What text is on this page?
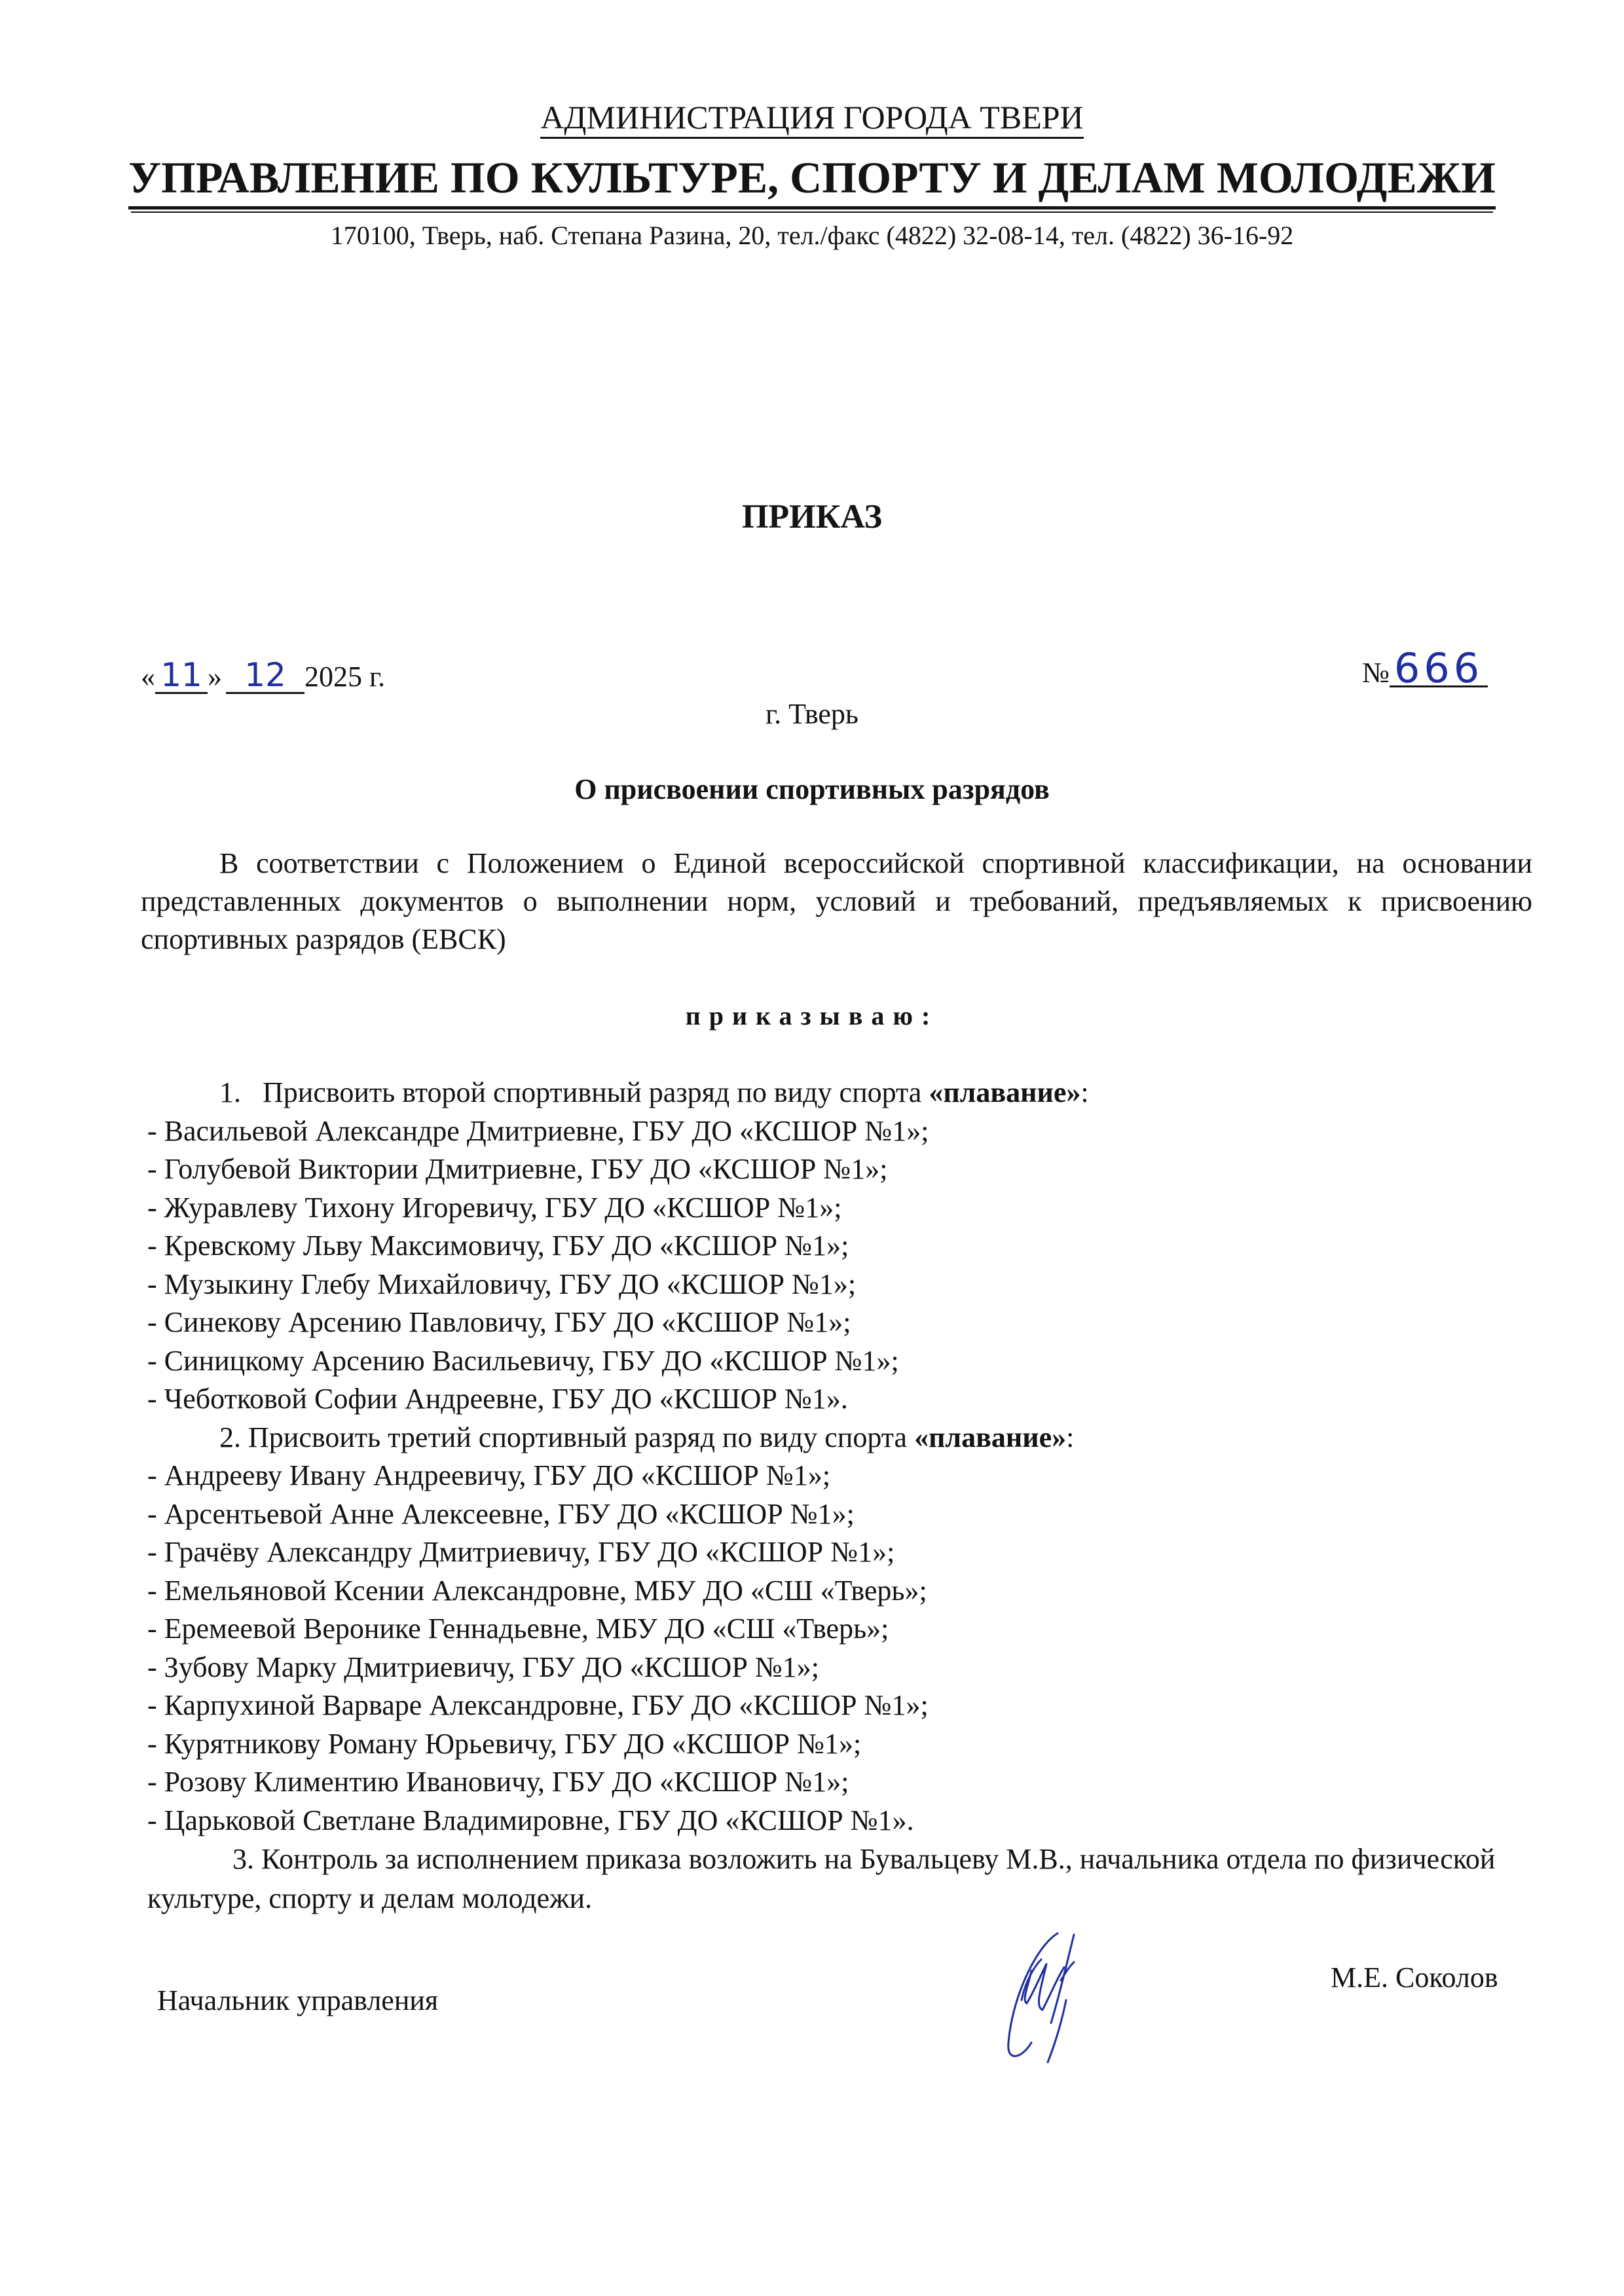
АДМИНИСТРАЦИЯ ГОРОДА ТВЕРИ
УПРАВЛЕНИЕ ПО КУЛЬТУРЕ, СПОРТУ И ДЕЛАМ МОЛОДЕЖИ
170100, Тверь, наб. Степана Разина, 20, тел./факс (4822) 32-08-14, тел. (4822) 36-16-92
ПРИКАЗ
« 11 » 12 2025 г.	№ 666
г. Тверь
О присвоении спортивных разрядов
В соответствии с Положением о Единой всероссийской спортивной классификации, на основании представленных документов о выполнении норм, условий и требований, предъявляемых к присвоению спортивных разрядов (ЕВСК)
приказываю:
1.   Присвоить второй спортивный разряд по виду спорта «плавание»:
- Васильевой Александре Дмитриевне, ГБУ ДО «КСШОР №1»;
- Голубевой Виктории Дмитриевне, ГБУ ДО «КСШОР №1»;
- Журавлеву Тихону Игоревичу, ГБУ ДО «КСШОР №1»;
- Кревскому Льву Максимовичу, ГБУ ДО «КСШОР №1»;
- Музыкину Глебу Михайловичу, ГБУ ДО «КСШОР №1»;
- Синекову Арсению Павловичу, ГБУ ДО «КСШОР №1»;
- Синицкому Арсению Васильевичу, ГБУ ДО «КСШОР №1»;
- Чеботковой Софии Андреевне, ГБУ ДО «КСШОР №1».
2. Присвоить третий спортивный разряд по виду спорта «плавание»:
- Андрееву Ивану Андреевичу, ГБУ ДО «КСШОР №1»;
- Арсентьевой Анне Алексеевне, ГБУ ДО «КСШОР №1»;
- Грачёву Александру Дмитриевичу, ГБУ ДО «КСШОР №1»;
- Емельяновой Ксении Александровне, МБУ ДО «СШ «Тверь»;
- Еремеевой Веронике Геннадьевне, МБУ ДО «СШ «Тверь»;
- Зубову Марку Дмитриевичу, ГБУ ДО «КСШОР №1»;
- Карпухиной Варваре Александровне, ГБУ ДО «КСШОР №1»;
- Курятникову Роману Юрьевичу, ГБУ ДО «КСШОР №1»;
- Розову Климентию Ивановичу, ГБУ ДО «КСШОР №1»;
- Царьковой Светлане Владимировне, ГБУ ДО «КСШОР №1».
3. Контроль за исполнением приказа возложить на Бувальцеву М.В., начальника отдела по физической культуре, спорту и делам молодежи.
Начальник управления
М.Е. Соколов
